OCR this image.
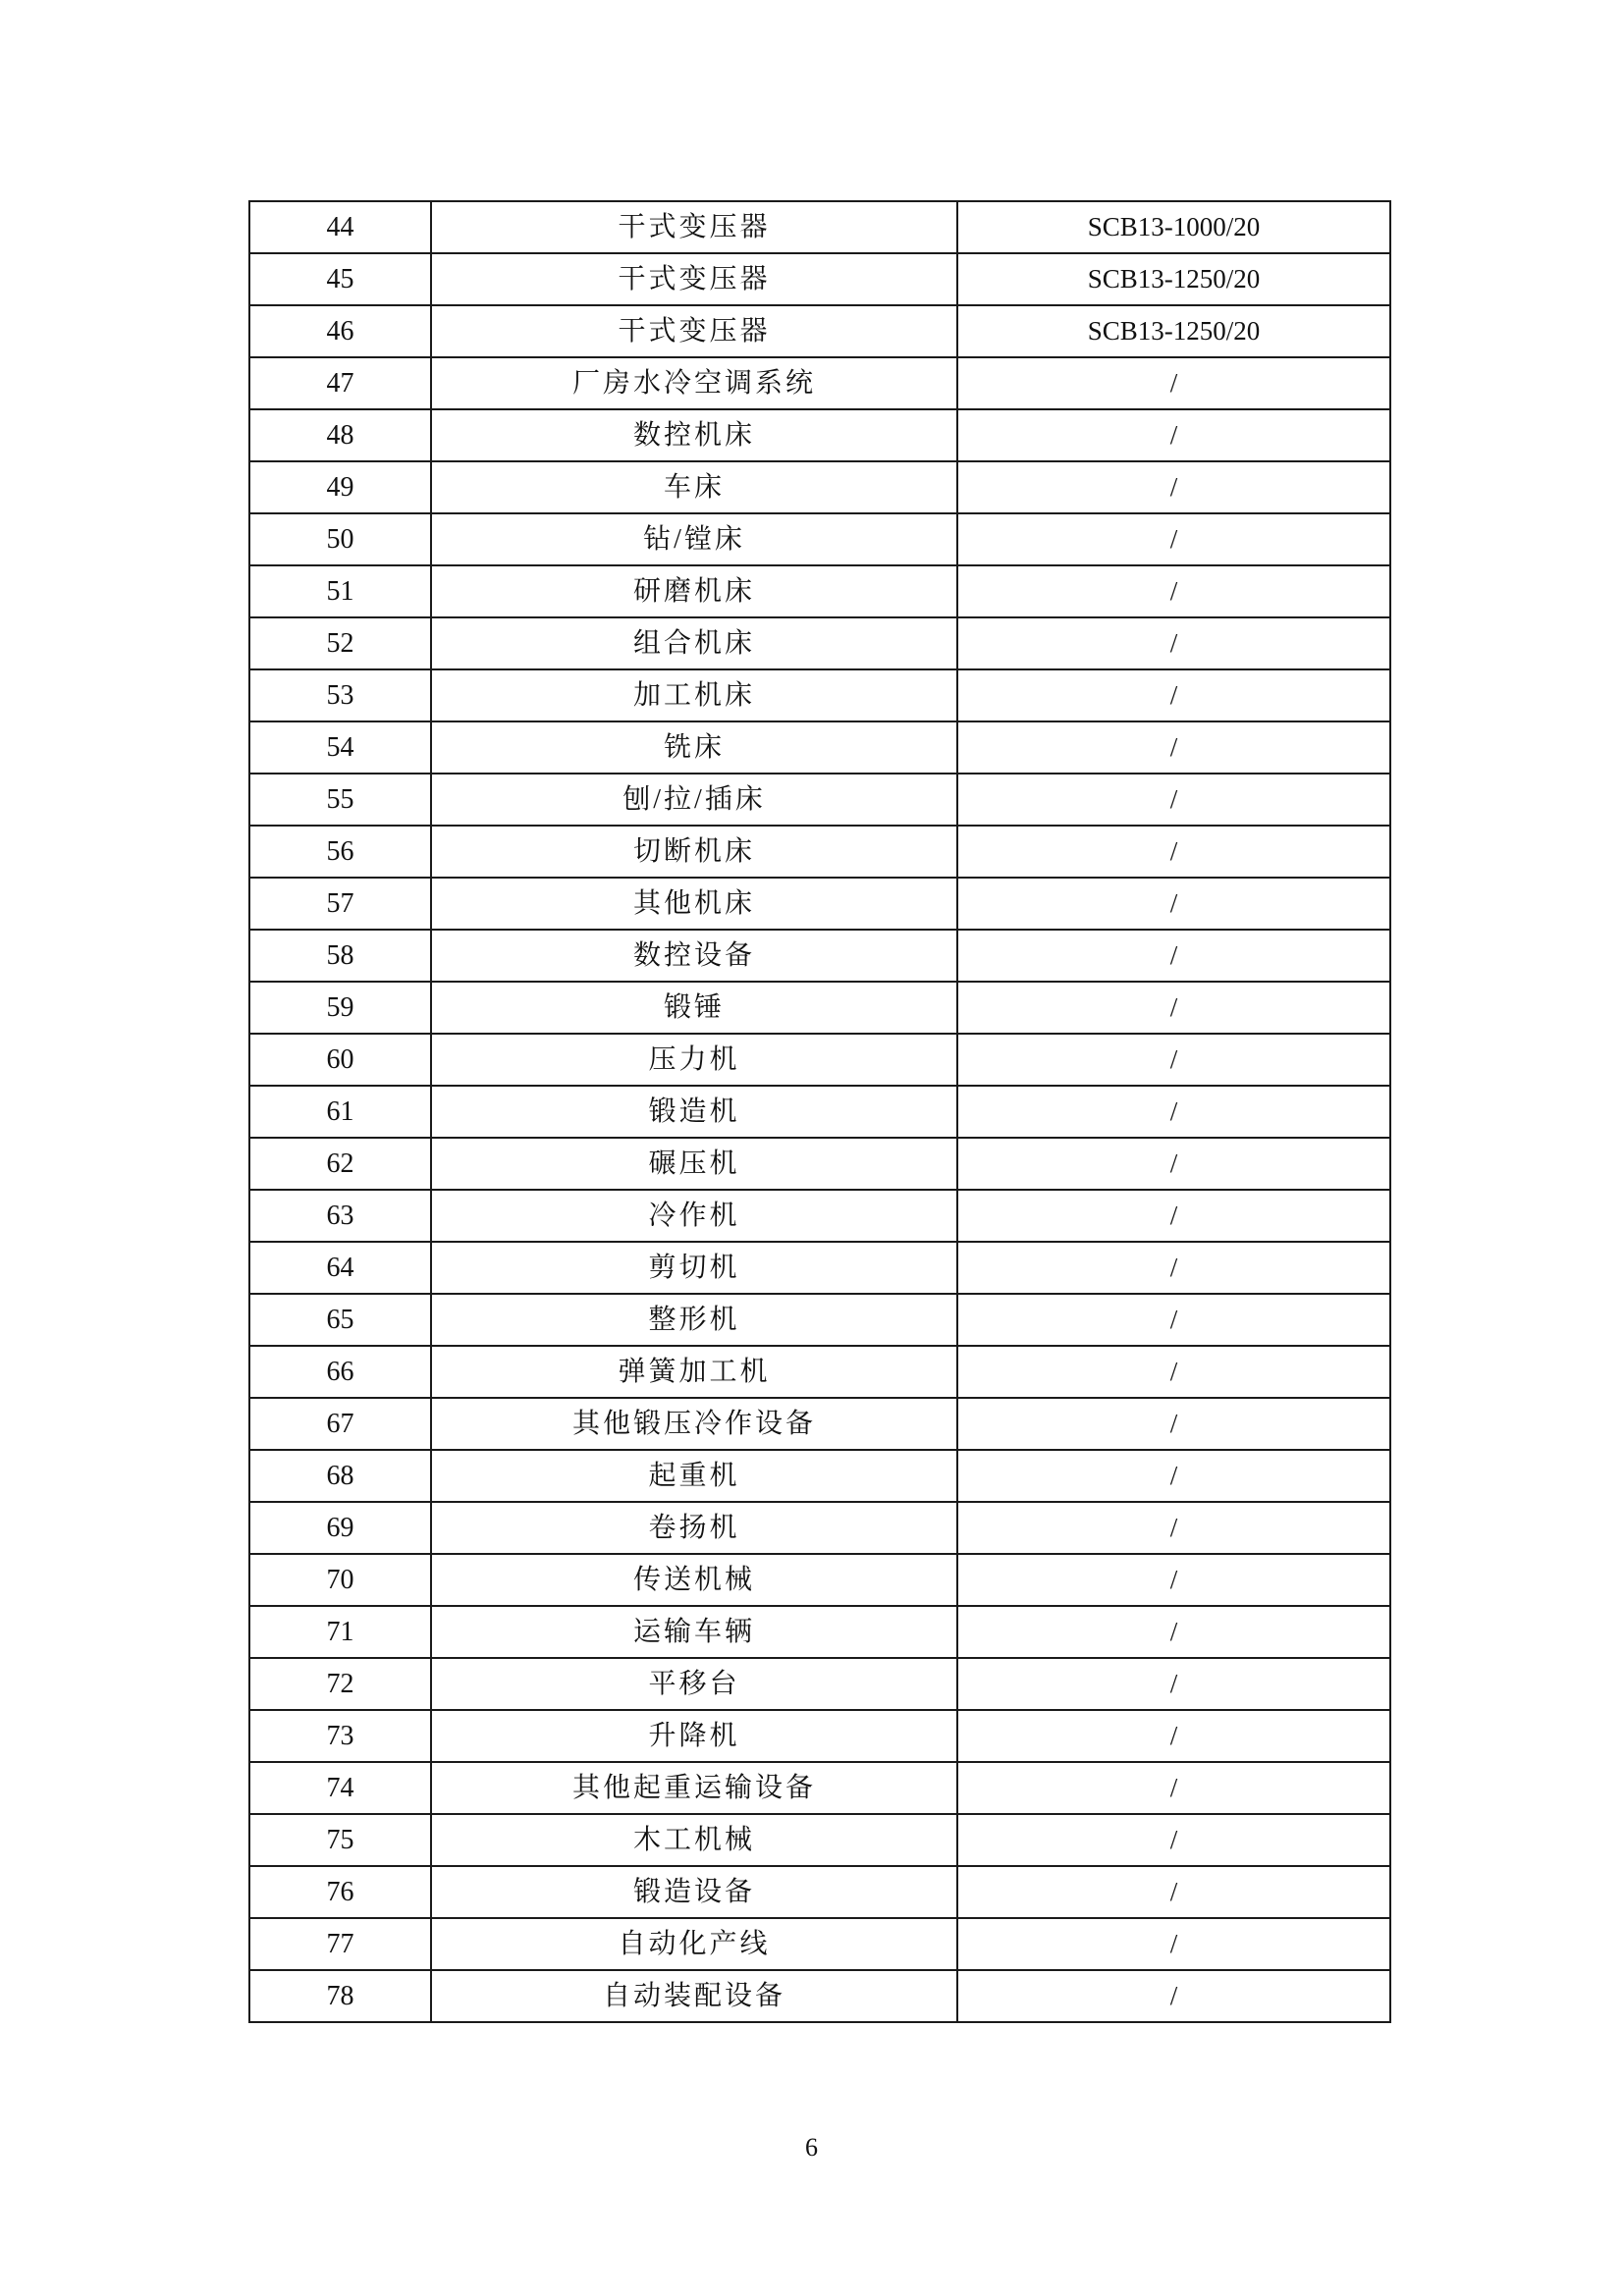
44	干式变压器	SCB13-1000/20
45	干式变压器	SCB13-1250/20
46	干式变压器	SCB13-1250/20
47	厂房水冷空调系统	/
48	数控机床	/
49	车床	/
50	钻/镗床	/
51	研磨机床	/
52	组合机床	/
53	加工机床	/
54	铣床	/
55	刨/拉/插床	/
56	切断机床	/
57	其他机床	/
58	数控设备	/
59	锻锤	/
60	压力机	/
61	锻造机	/
62	碾压机	/
63	冷作机	/
64	剪切机	/
65	整形机	/
66	弹簧加工机	/
67	其他锻压冷作设备	/
68	起重机	/
69	卷扬机	/
70	传送机械	/
71	运输车辆	/
72	平移台	/
73	升降机	/
74	其他起重运输设备	/
75	木工机械	/
76	锻造设备	/
77	自动化产线	/
78	自动装配设备	/
6
